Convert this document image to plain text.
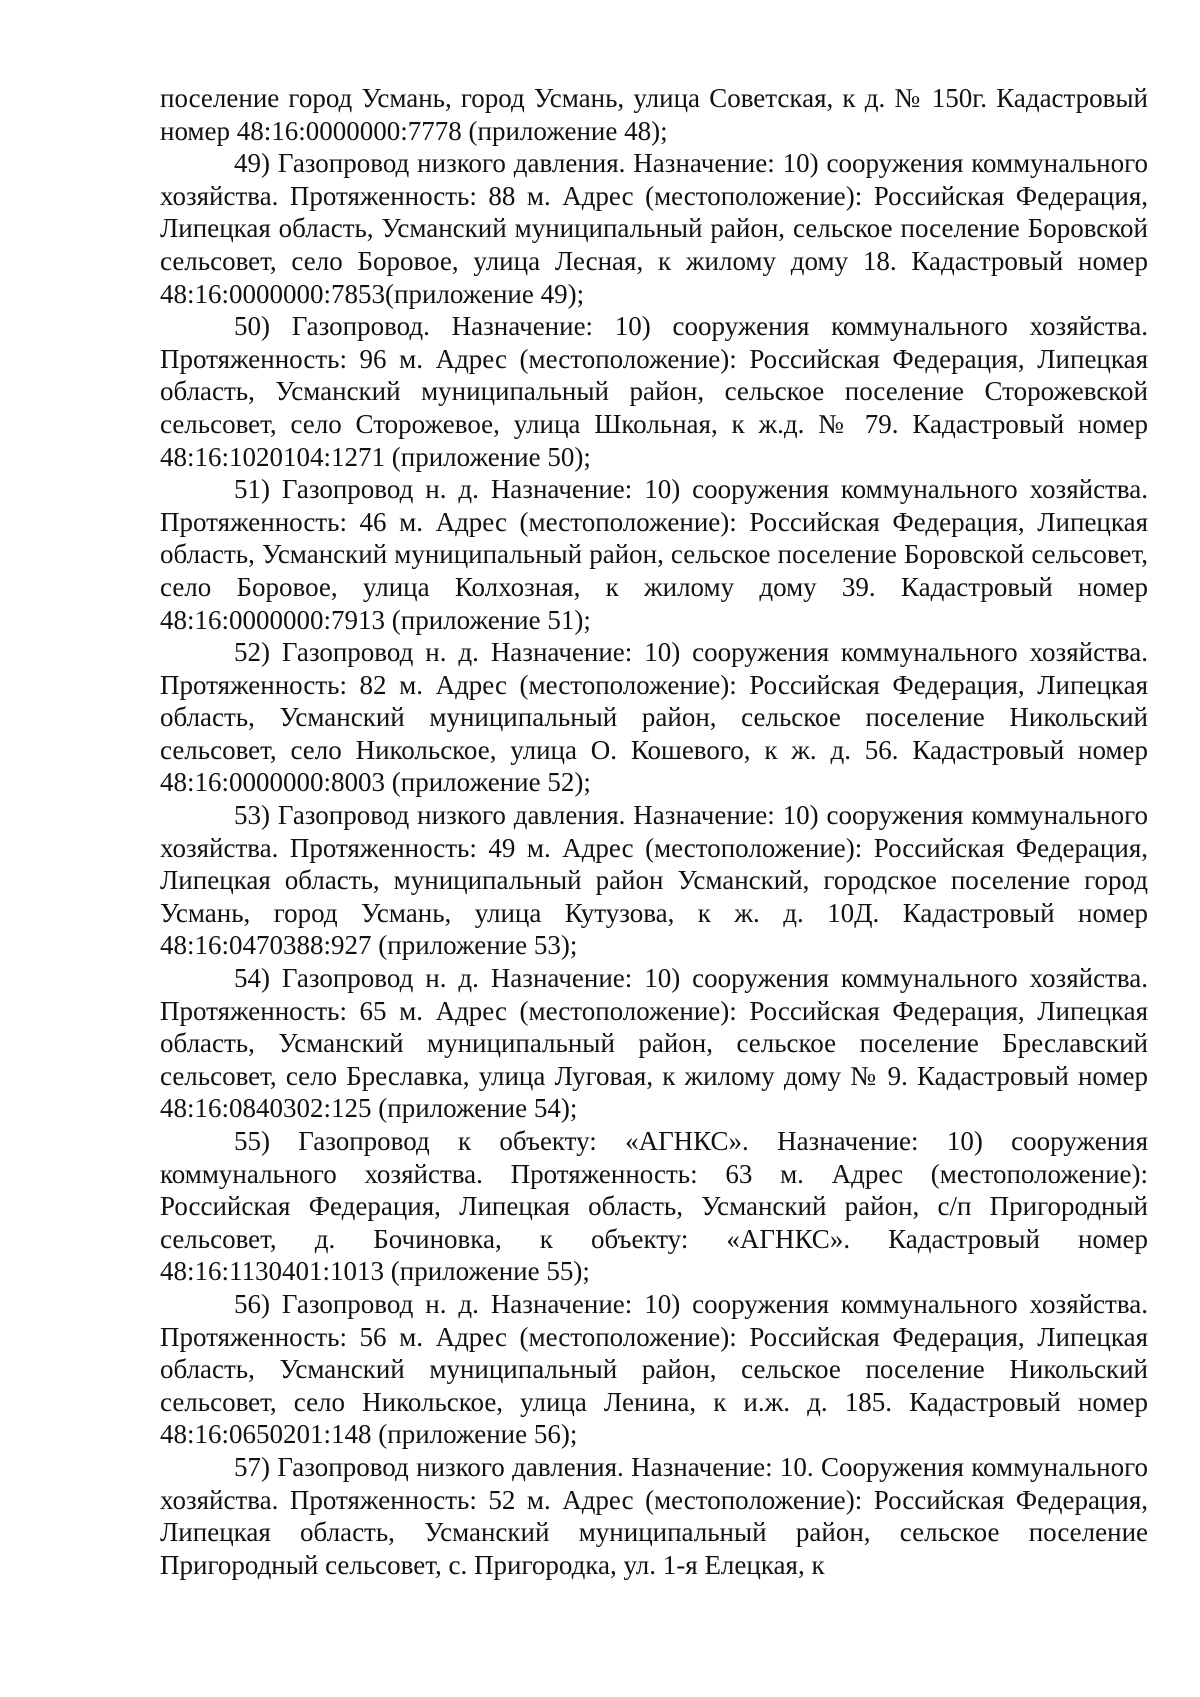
поселение город Усмань, город Усмань, улица Советская, к д. № 150г. Кадастровый номер 48:16:0000000:7778 (приложение 48);

49) Газопровод низкого давления. Назначение: 10) сооружения коммунального хозяйства. Протяженность: 88 м. Адрес (местоположение): Российская Федерация, Липецкая область, Усманский муниципальный район, сельское поселение Боровской сельсовет, село Боровое, улица Лесная, к жилому дому 18. Кадастровый номер 48:16:0000000:7853(приложение 49);

50) Газопровод. Назначение: 10) сооружения коммунального хозяйства. Протяженность: 96 м. Адрес (местоположение): Российская Федерация, Липецкая область, Усманский муниципальный район, сельское поселение Сторожевской сельсовет, село Сторожевое, улица Школьная, к ж.д. № 79. Кадастровый номер 48:16:1020104:1271 (приложение 50);

51) Газопровод н. д. Назначение: 10) сооружения коммунального хозяйства. Протяженность: 46 м. Адрес (местоположение): Российская Федерация, Липецкая область, Усманский муниципальный район, сельское поселение Боровской сельсовет, село Боровое, улица Колхозная, к жилому дому 39. Кадастровый номер 48:16:0000000:7913 (приложение 51);

52) Газопровод н. д. Назначение: 10) сооружения коммунального хозяйства. Протяженность: 82 м. Адрес (местоположение): Российская Федерация, Липецкая область, Усманский муниципальный район, сельское поселение Никольский сельсовет, село Никольское, улица О. Кошевого, к ж. д. 56. Кадастровый номер 48:16:0000000:8003 (приложение 52);

53) Газопровод низкого давления. Назначение: 10) сооружения коммунального хозяйства. Протяженность: 49 м. Адрес (местоположение): Российская Федерация, Липецкая область, муниципальный район Усманский, городское поселение город Усмань, город Усмань, улица Кутузова, к ж. д. 10Д. Кадастровый номер 48:16:0470388:927 (приложение 53);

54) Газопровод н. д. Назначение: 10) сооружения коммунального хозяйства. Протяженность: 65 м. Адрес (местоположение): Российская Федерация, Липецкая область, Усманский муниципальный район, сельское поселение Бреславский сельсовет, село Бреславка, улица Луговая, к жилому дому № 9. Кадастровый номер 48:16:0840302:125 (приложение 54);

55) Газопровод к объекту: «АГНКС». Назначение: 10) сооружения коммунального хозяйства. Протяженность: 63 м. Адрес (местоположение): Российская Федерация, Липецкая область, Усманский район, с/п Пригородный сельсовет, д. Бочиновка, к объекту: «АГНКС». Кадастровый номер 48:16:1130401:1013 (приложение 55);

56) Газопровод н. д. Назначение: 10) сооружения коммунального хозяйства. Протяженность: 56 м. Адрес (местоположение): Российская Федерация, Липецкая область, Усманский муниципальный район, сельское поселение Никольский сельсовет, село Никольское, улица Ленина, к и.ж. д. 185. Кадастровый номер 48:16:0650201:148 (приложение 56);

57) Газопровод низкого давления. Назначение: 10. Сооружения коммунального хозяйства. Протяженность: 52 м. Адрес (местоположение): Российская Федерация, Липецкая область, Усманский муниципальный район, сельское поселение Пригородный сельсовет, с. Пригородка, ул. 1-я Елецкая, к
